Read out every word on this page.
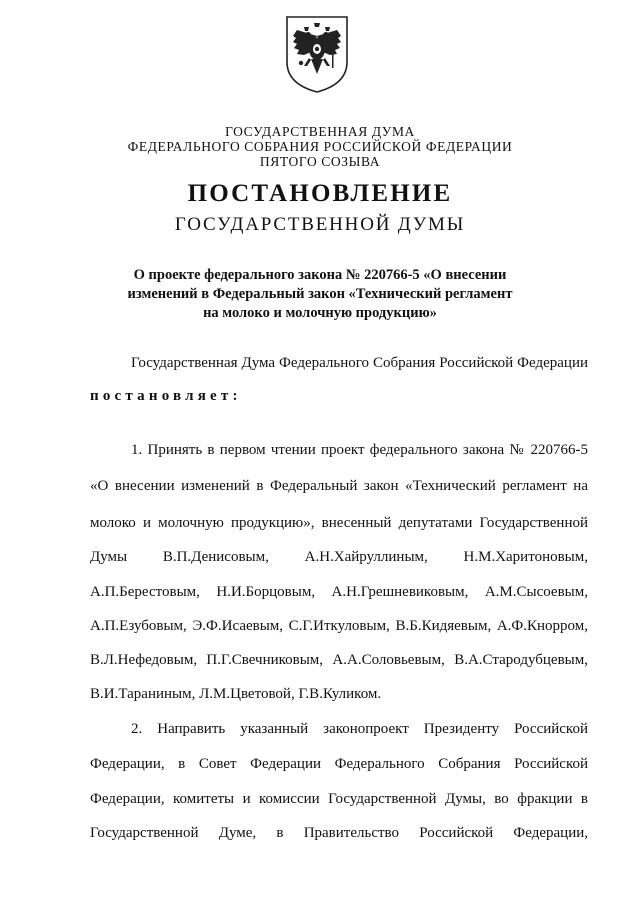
ГОСУДАРСТВЕННАЯ ДУМА
ФЕДЕРАЛЬНОГО СОБРАНИЯ РОССИЙСКОЙ ФЕДЕРАЦИИ
ПЯТОГО СОЗЫВА
ПОСТАНОВЛЕНИЕ
ГОСУДАРСТВЕННОЙ ДУМЫ
О проекте федерального закона № 220766-5 «О внесении
изменений в Федеральный закон «Технический регламент
на молоко и молочную продукцию»
Государственная Дума Федерального Собрания Российской Федерации
постановляет:
1. Принять в первом чтении проект федерального закона № 220766-5
«О внесении изменений в Федеральный закон «Технический регламент на
молоко и молочную продукцию», внесенный депутатами Государственной
Думы В.П.Денисовым, А.Н.Хайруллиным, Н.М.Харитоновым,
А.П.Берестовым, Н.И.Борцовым, А.Н.Грешневиковым, А.М.Сысоевым,
А.П.Езубовым, Э.Ф.Исаевым, С.Г.Иткуловым, В.Б.Кидяевым, А.Ф.Кнорром,
В.Л.Нефедовым, П.Г.Свечниковым, А.А.Соловьевым, В.А.Стародубцевым,
В.И.Тараниным, Л.М.Цветовой, Г.В.Куликом.
2. Направить указанный законопроект Президенту Российской
Федерации, в Совет Федерации Федерального Собрания Российской
Федерации, комитеты и комиссии Государственной Думы, во фракции в
Государственной Думе, в Правительство Российской Федерации,
